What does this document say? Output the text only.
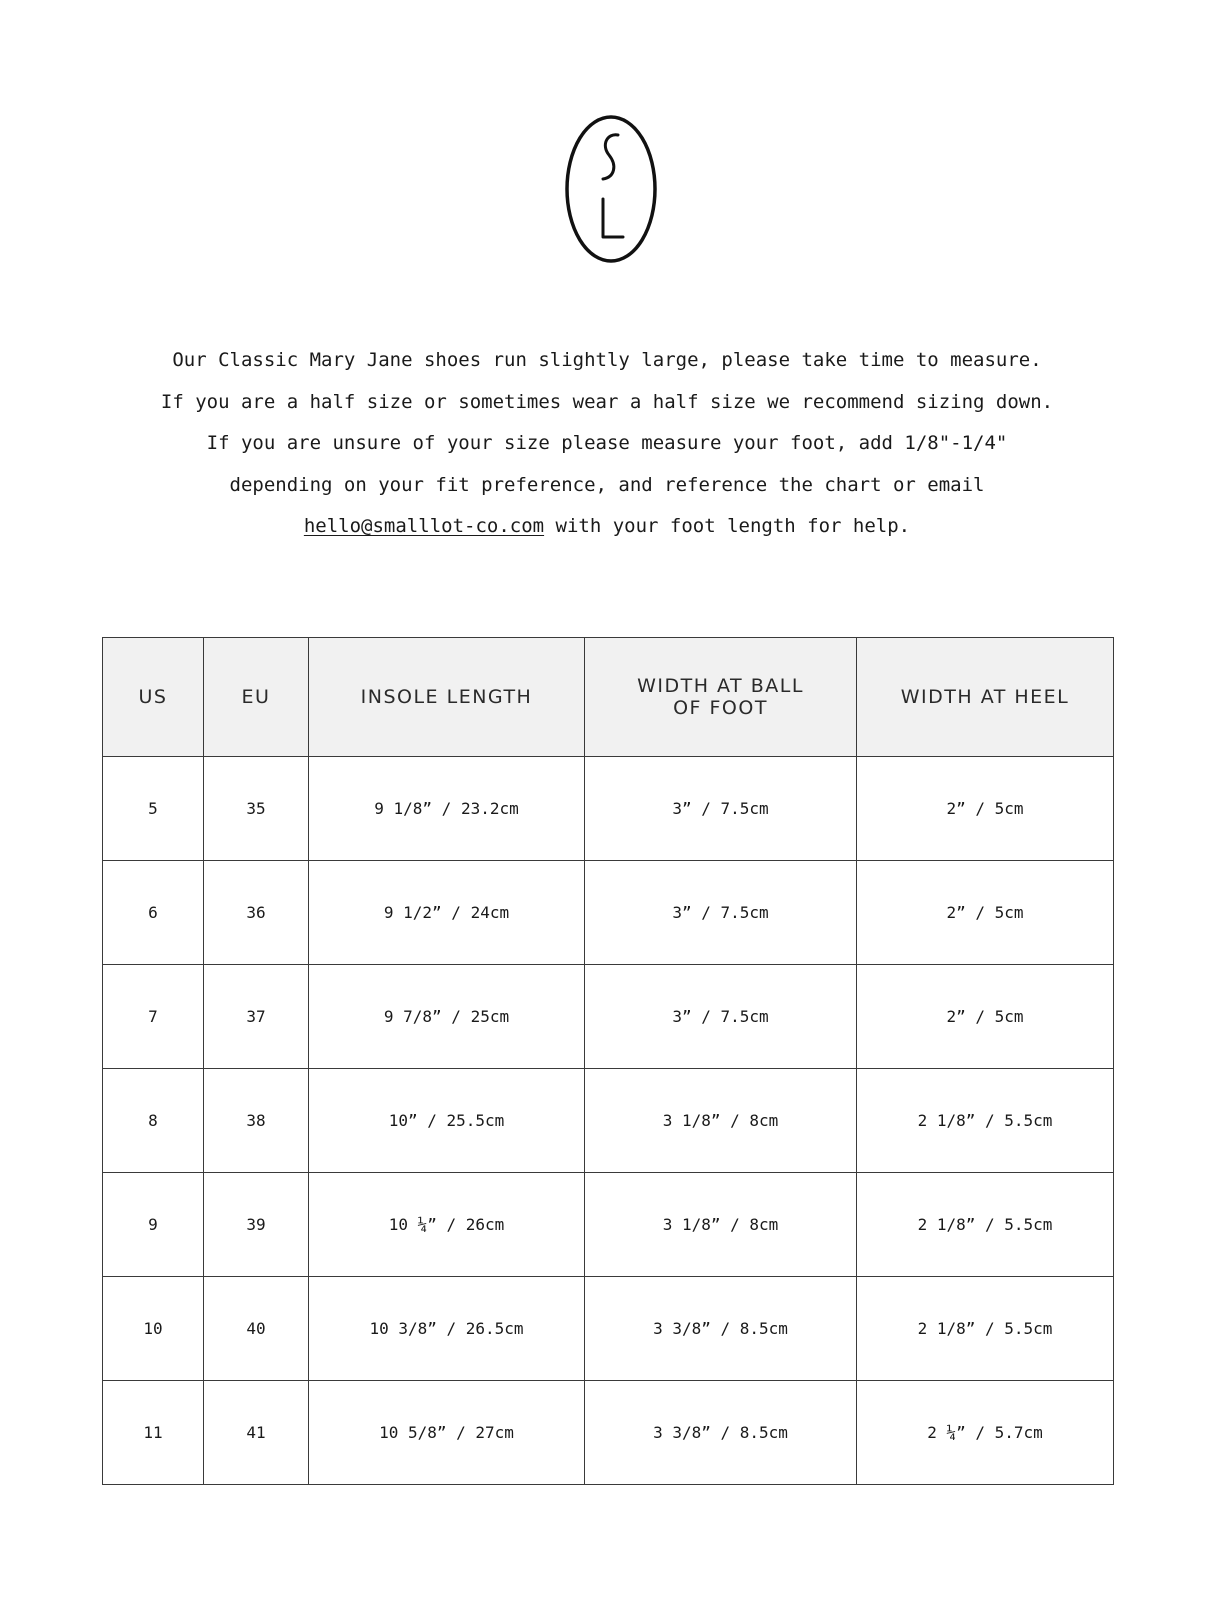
Our Classic Mary Jane shoes run slightly large, please take time to measure.
If you are a half size or sometimes wear a half size we recommend sizing down.
If you are unsure of your size please measure your foot, add 1/8"-1/4"
depending on your fit preference, and reference the chart or email
hello@smalllot-co.com with your foot length for help.
US	EU	INSOLE LENGTH	WIDTH AT BALL OF FOOT	WIDTH AT HEEL
5	35	9 1/8” / 23.2cm	3” / 7.5cm	2” / 5cm
6	36	9 1/2” / 24cm	3” / 7.5cm	2” / 5cm
7	37	9 7/8” / 25cm	3” / 7.5cm	2” / 5cm
8	38	10” / 25.5cm	3 1/8” / 8cm	2 1/8” / 5.5cm
9	39	10 ¼” / 26cm	3 1/8” / 8cm	2 1/8” / 5.5cm
10	40	10 3/8” / 26.5cm	3 3/8” / 8.5cm	2 1/8” / 5.5cm
11	41	10 5/8” / 27cm	3 3/8” / 8.5cm	2 ¼” / 5.7cm
